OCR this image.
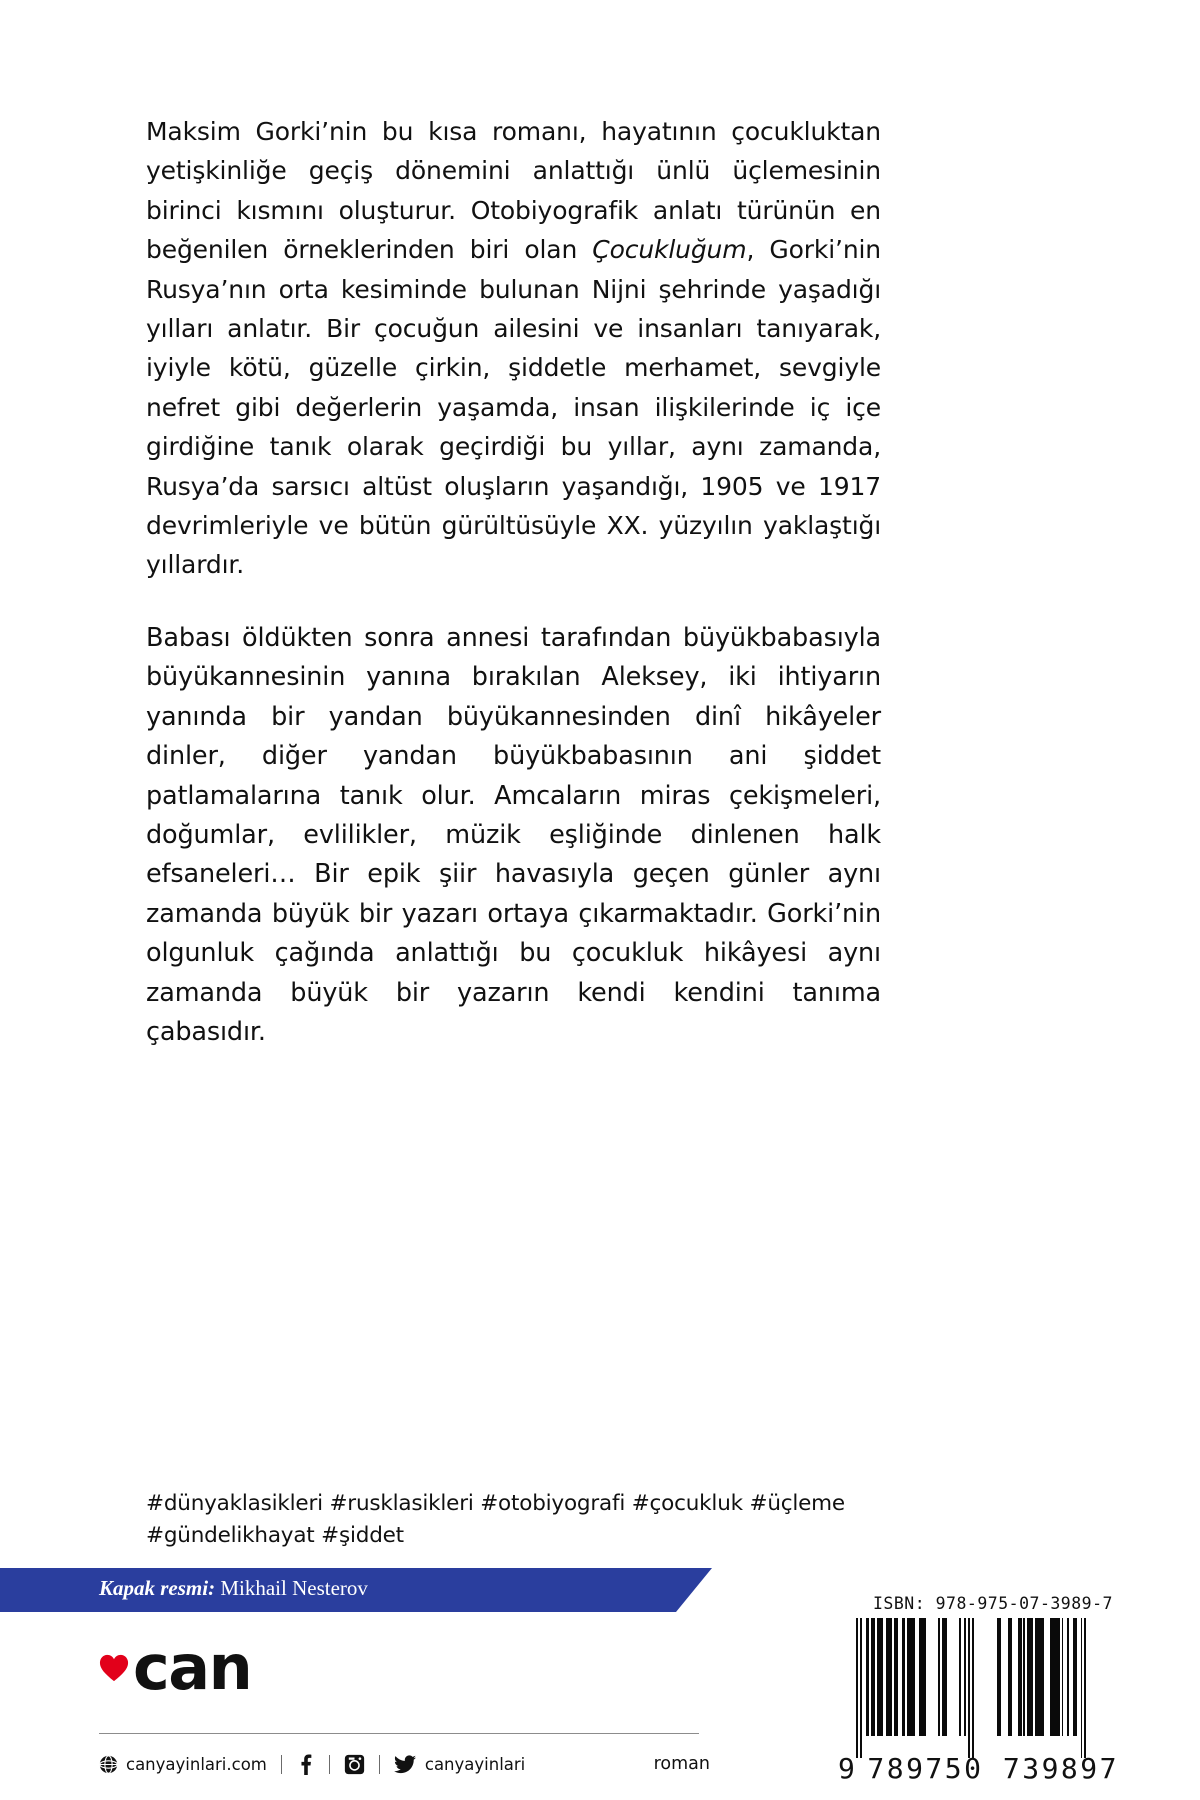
Maksim Gorki’nin bu kısa romanı, hayatının çocukluktan yetişkinliğe geçiş dönemini anlattığı ünlü üçlemesinin birinci kısmını oluşturur. Otobiyografik anlatı türünün en beğenilen örneklerinden biri olan Çocukluğum, Gorki’nin Rusya’nın orta kesiminde bulunan Nijni şehrinde yaşadığı yılları anlatır. Bir çocuğun ailesini ve insanları tanıyarak, iyiyle kötü, güzelle çirkin, şiddetle merhamet, sevgiyle nefret gibi değerlerin yaşamda, insan ilişkilerinde iç içe girdiğine tanık olarak geçirdiği bu yıllar, aynı zamanda, Rusya’da sarsıcı altüst oluşların yaşandığı, 1905 ve 1917 devrimleriyle ve bütün gürültüsüyle XX. yüzyılın yaklaştığı yıllardır.

Babası öldükten sonra annesi tarafından büyükbabasıyla büyükannesinin yanına bırakılan Aleksey, iki ihtiyarın yanında bir yandan büyükannesinden dinî hikâyeler dinler, diğer yandan büyükbabasının ani şiddet patlamalarına tanık olur. Amcaların miras çekişmeleri, doğumlar, evlilikler, müzik eşliğinde dinlenen halk efsaneleri… Bir epik şiir havasıyla geçen günler aynı zamanda büyük bir yazarı ortaya çıkarmaktadır. Gorki’nin olgunluk çağında anlattığı bu çocukluk hikâyesi aynı zamanda büyük bir yazarın kendi kendini tanıma çabasıdır.

#dünyaklasikleri #rusklasikleri #otobiyografi #çocukluk #üçleme
#gündelikhayat #şiddet
Kapak resmi: Mikhail Nesterov
can
canyayinlari.com	canyayinlari	roman
ISBN: 978-975-07-3989-7
9 789750 739897
